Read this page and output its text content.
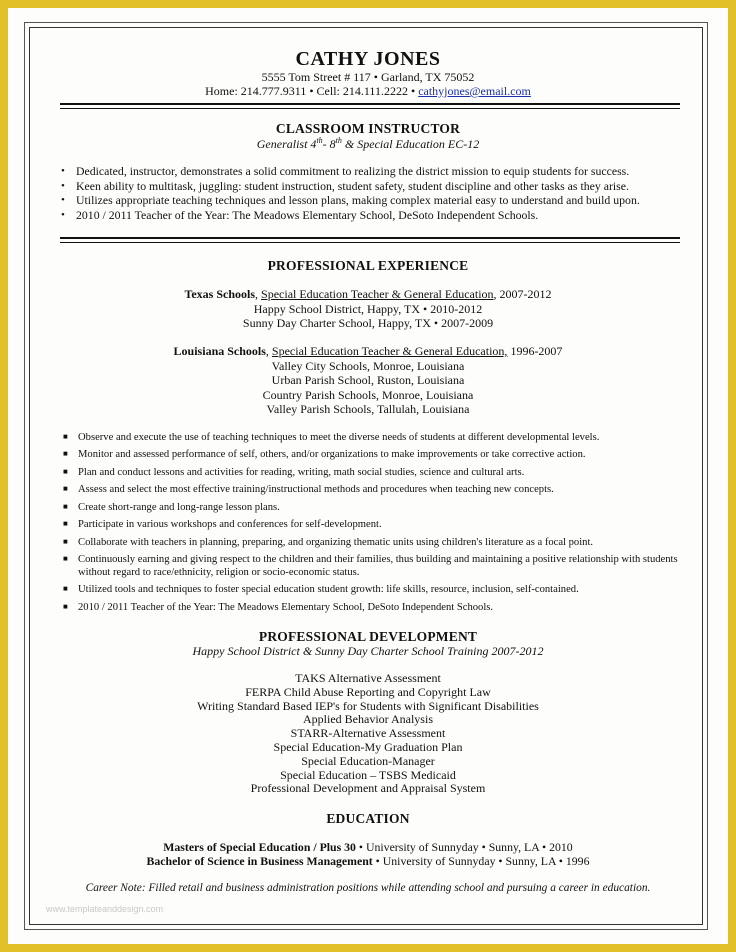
CATHY JONES
5555 Tom Street # 117 • Garland, TX 75052
Home: 214.777.9311 • Cell: 214.111.2222 • cathyjones@email.com
CLASSROOM INSTRUCTOR
Generalist 4th- 8th & Special Education EC-12
• Dedicated, instructor, demonstrates a solid commitment to realizing the district mission to equip students for success.
• Keen ability to multitask, juggling: student instruction, student safety, student discipline and other tasks as they arise.
• Utilizes appropriate teaching techniques and lesson plans, making complex material easy to understand and build upon.
• 2010 / 2011 Teacher of the Year: The Meadows Elementary School, DeSoto Independent Schools.
PROFESSIONAL EXPERIENCE
Texas Schools, Special Education Teacher & General Education, 2007-2012
Happy School District, Happy, TX • 2010-2012
Sunny Day Charter School, Happy, TX • 2007-2009
Louisiana Schools, Special Education Teacher & General Education, 1996-2007
Valley City Schools, Monroe, Louisiana
Urban Parish School, Ruston, Louisiana
Country Parish Schools, Monroe, Louisiana
Valley Parish Schools, Tallulah, Louisiana
■ Observe and execute the use of teaching techniques to meet the diverse needs of students at different developmental levels.
■ Monitor and assessed performance of self, others, and/or organizations to make improvements or take corrective action.
■ Plan and conduct lessons and activities for reading, writing, math social studies, science and cultural arts.
■ Assess and select the most effective training/instructional methods and procedures when teaching new concepts.
■ Create short-range and long-range lesson plans.
■ Participate in various workshops and conferences for self-development.
■ Collaborate with teachers in planning, preparing, and organizing thematic units using children's literature as a focal point.
■ Continuously earning and giving respect to the children and their families, thus building and maintaining a positive relationship with students without regard to race/ethnicity, religion or socio-economic status.
■ Utilized tools and techniques to foster special education student growth: life skills, resource, inclusion, self-contained.
■ 2010 / 2011 Teacher of the Year: The Meadows Elementary School, DeSoto Independent Schools.
PROFESSIONAL DEVELOPMENT
Happy School District & Sunny Day Charter School Training 2007-2012
TAKS Alternative Assessment
FERPA Child Abuse Reporting and Copyright Law
Writing Standard Based IEP's for Students with Significant Disabilities
Applied Behavior Analysis
STARR-Alternative Assessment
Special Education-My Graduation Plan
Special Education-Manager
Special Education – TSBS Medicaid
Professional Development and Appraisal System
EDUCATION
Masters of Special Education / Plus 30 • University of Sunnyday • Sunny, LA • 2010
Bachelor of Science in Business Management • University of Sunnyday • Sunny, LA • 1996
Career Note: Filled retail and business administration positions while attending school and pursuing a career in education.
www.templateanddesign.com
